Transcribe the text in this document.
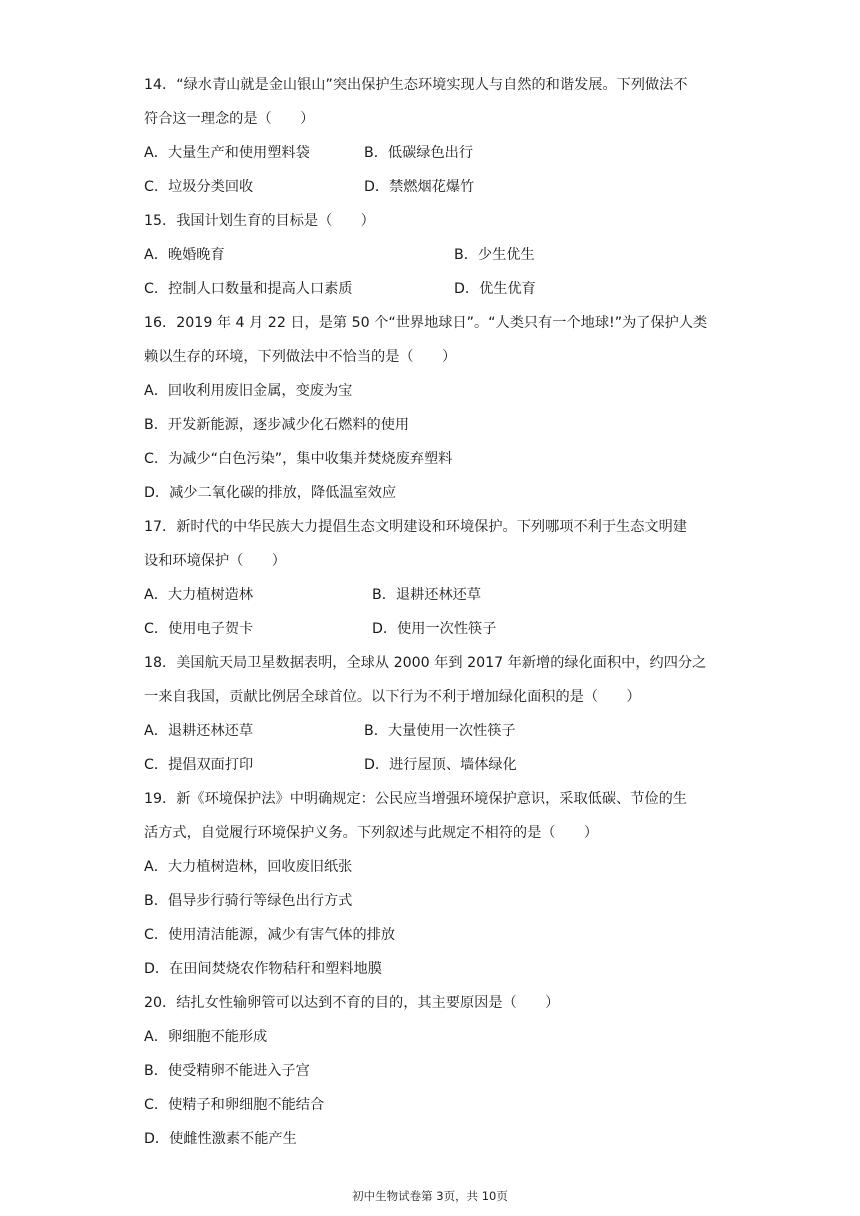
14．“绿水青山就是金山银山”突出保护生态环境实现人与自然的和谐发展。下列做法不
符合这一理念的是（　　）
A．大量生产和使用塑料袋	B．低碳绿色出行
C．垃圾分类回收	D．禁燃烟花爆竹
15．我国计划生育的目标是（　　）
A．晚婚晚育	B．少生优生
C．控制人口数量和提高人口素质	D．优生优育
16．2019 年 4 月 22 日，是第 50 个“世界地球日”。“人类只有一个地球!”为了保护人类
赖以生存的环境，下列做法中不恰当的是（　　）
A．回收利用废旧金属，变废为宝
B．开发新能源，逐步减少化石燃料的使用
C．为减少“白色污染”，集中收集并焚烧废弃塑料
D．减少二氧化碳的排放，降低温室效应
17．新时代的中华民族大力提倡生态文明建设和环境保护。下列哪项不利于生态文明建
设和环境保护（　　）
A．大力植树造林	B．退耕还林还草
C．使用电子贺卡	D．使用一次性筷子
18．美国航天局卫星数据表明，全球从 2000 年到 2017 年新增的绿化面积中，约四分之
一来自我国，贡献比例居全球首位。以下行为不利于增加绿化面积的是（　　）
A．退耕还林还草	B．大量使用一次性筷子
C．提倡双面打印	D．进行屋顶、墙体绿化
19．新《环境保护法》中明确规定：公民应当增强环境保护意识，采取低碳、节俭的生
活方式，自觉履行环境保护义务。下列叙述与此规定不相符的是（　　）
A．大力植树造林，回收废旧纸张
B．倡导步行骑行等绿色出行方式
C．使用清洁能源，减少有害气体的排放
D．在田间焚烧农作物秸秆和塑料地膜
20．结扎女性输卵管可以达到不育的目的，其主要原因是（　　）
A．卵细胞不能形成
B．使受精卵不能进入子宫
C．使精子和卵细胞不能结合
D．使雌性激素不能产生
初中生物试卷第 3页，共 10页
